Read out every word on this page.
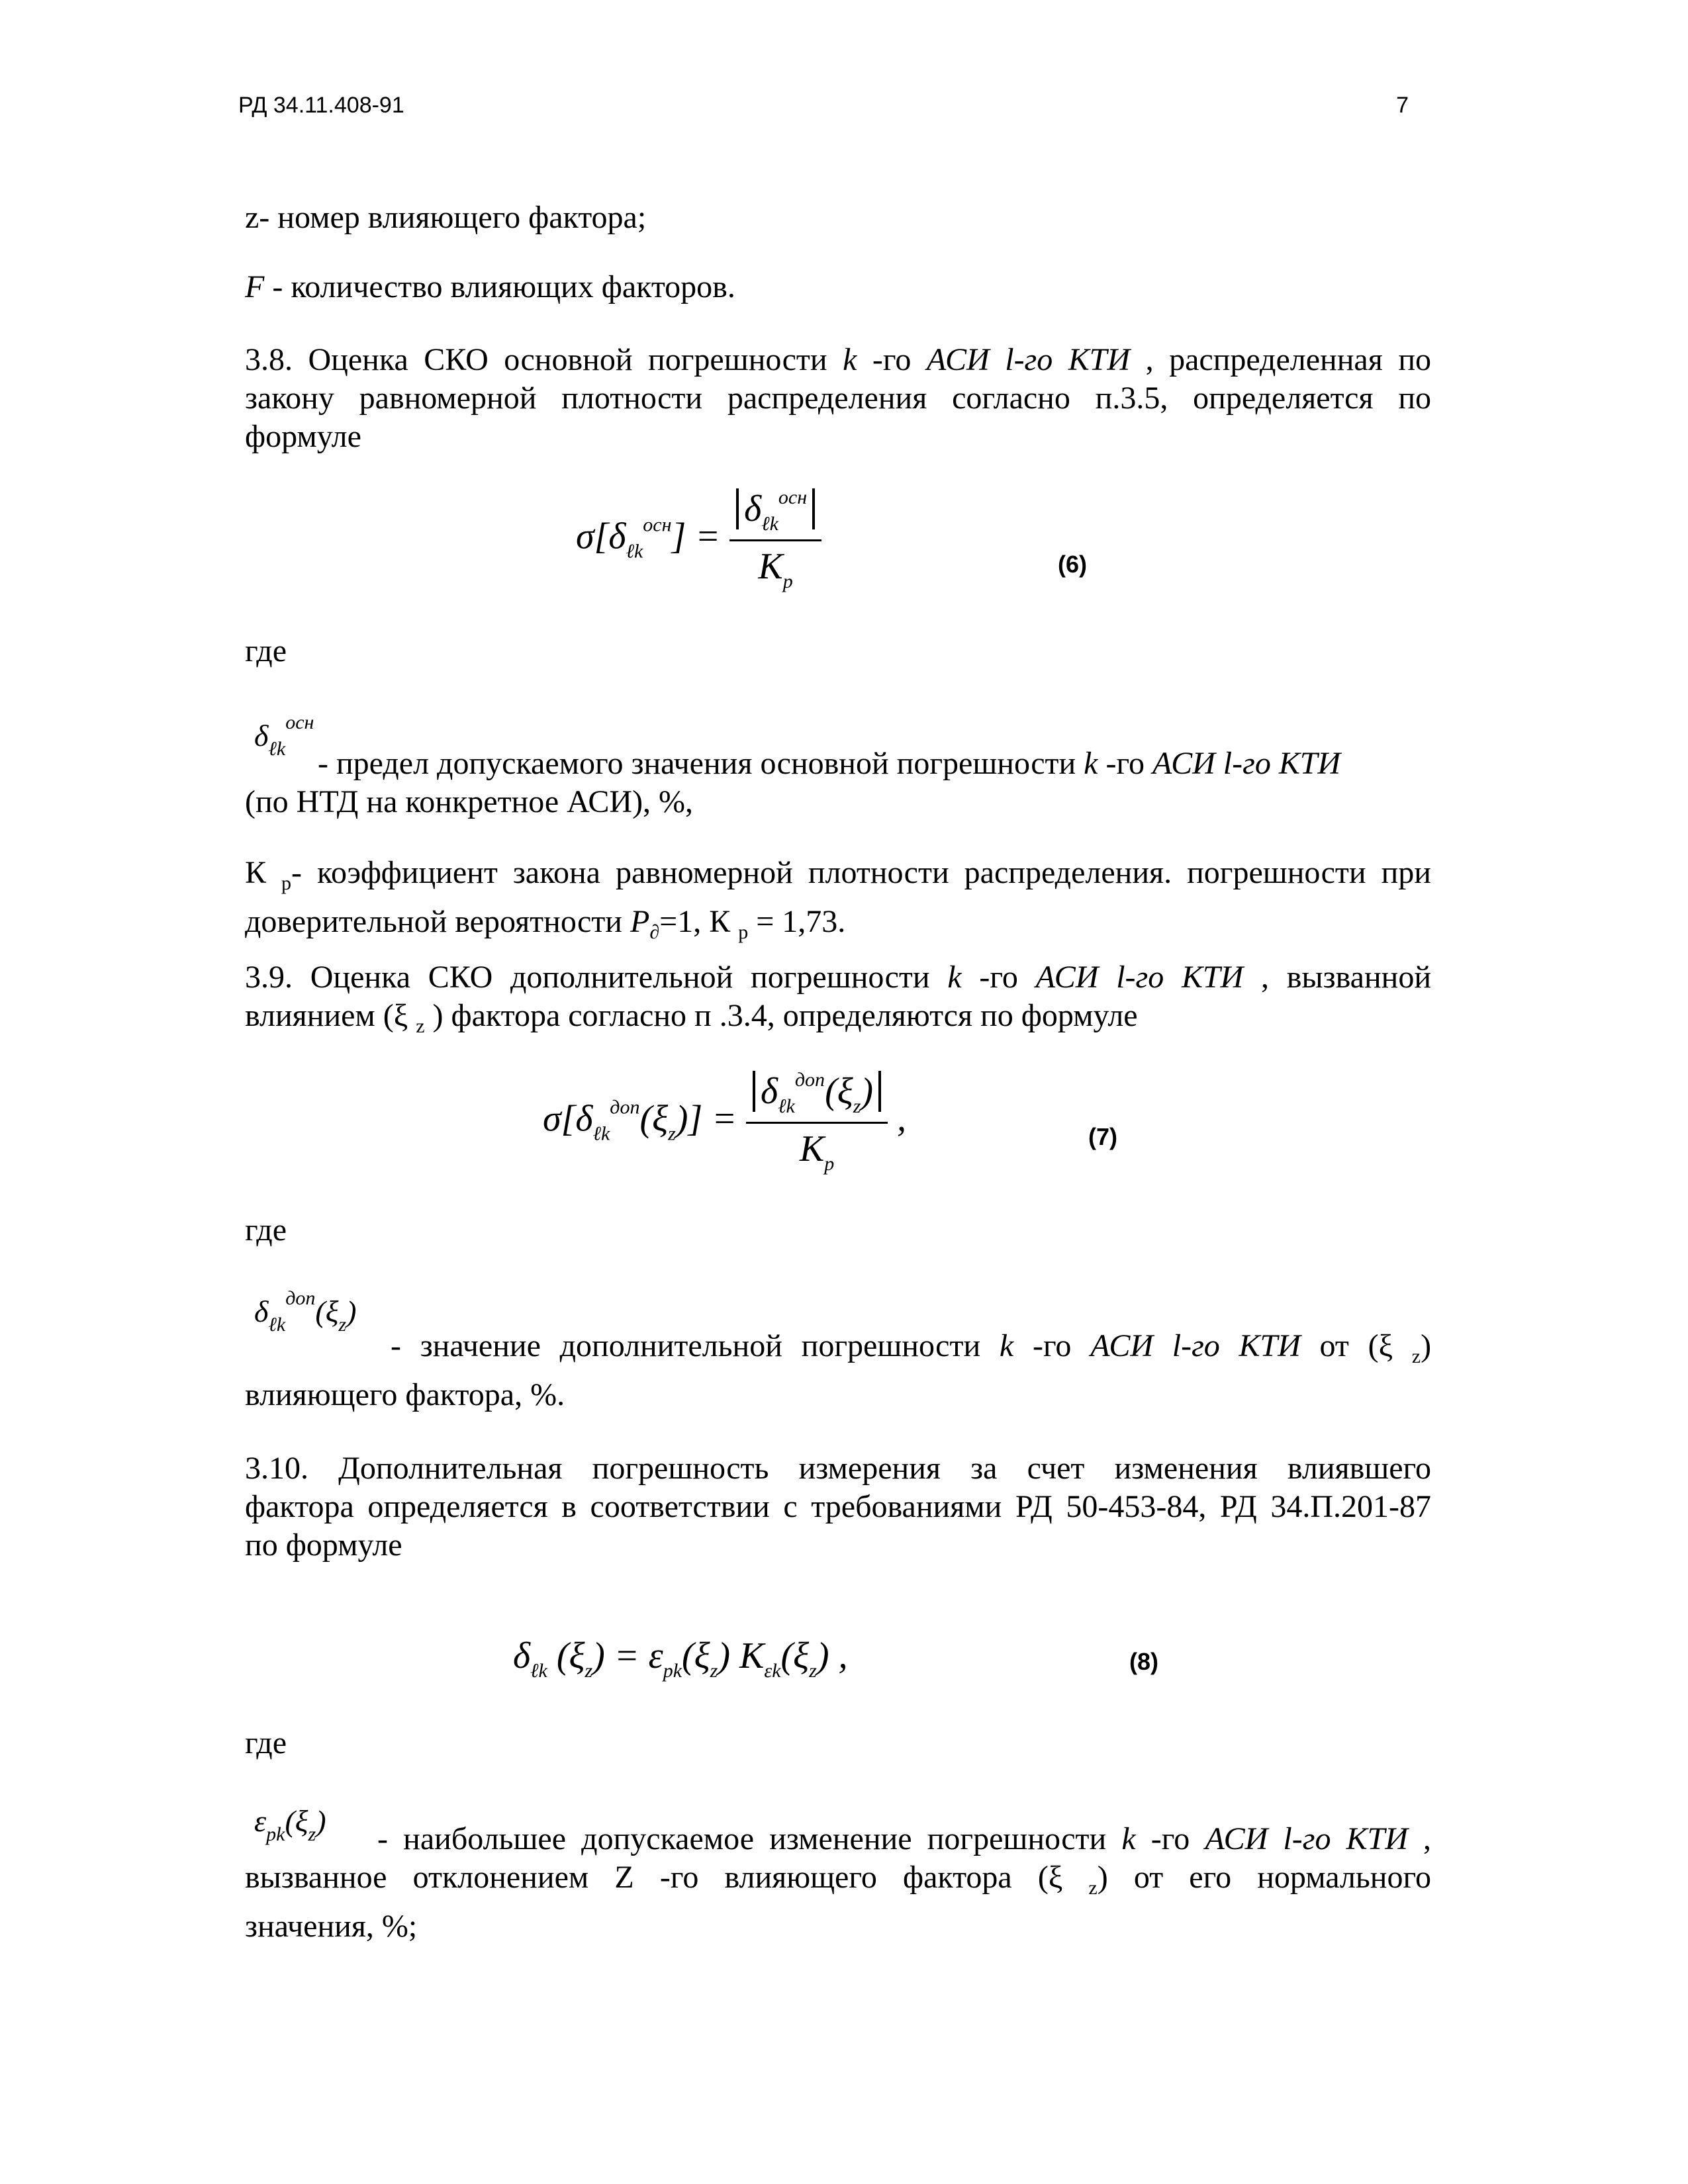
РД 34.11.408-91	7
z- номер влияющего фактора;
F - количество влияющих факторов.
3.8. Оценка СКО основной погрешности k -го АСИ l-го КТИ , распределенная по
закону равномерной плотности распределения согласно п.3.5, определяется по
формуле
$\sigma[\delta_{\ell k}^{осн}] = \frac{\delta_{\ell k}^{осн}}{K_p}$	(6)
где
$\delta_{\ell k}^{осн}$
- предел допускаемого значения основной погрешности k -го АСИ l-го КТИ
(по НТД на конкретное АСИ), %,
К $_р$- коэффициент закона равномерной плотности распределения. погрешности при
доверительной вероятности $P_\partial=1$, К $_р$ = 1,73.
3.9. Оценка СКО дополнительной погрешности k -го АСИ l-го КТИ , вызванной
влиянием (ξ $_z$ ) фактора согласно п .3.4, определяются по формуле
$\sigma[\delta_{\ell k}^{доп}(\xi_z)] = \frac{\delta_{\ell k}^{доп}(\xi_z)}{K_p}$ ,	(7)
где
$\delta_{\ell k}^{доп}(\xi_z)$
- значение дополнительной погрешности k -го АСИ l-го КТИ от (ξ $_z$)
влияющего фактора, %.
3.10. Дополнительная погрешность измерения за счет изменения влиявшего
фактора определяется в соответствии с требованиями РД 50-453-84, РД 34.П.201-87
по формуле
$\delta_{\ell k}$ $(\xi_z) = \varepsilon_{pk}(\xi_z)$ $K_{\varepsilon k}(\xi_z)$ ,	(8)
где
$\varepsilon_{pk}(\xi_z)$
- наибольшее допускаемое изменение погрешности k -го АСИ l-го КТИ ,
вызванное отклонением Z -го влияющего фактора (ξ $_z$) от его нормального
значения, %;
